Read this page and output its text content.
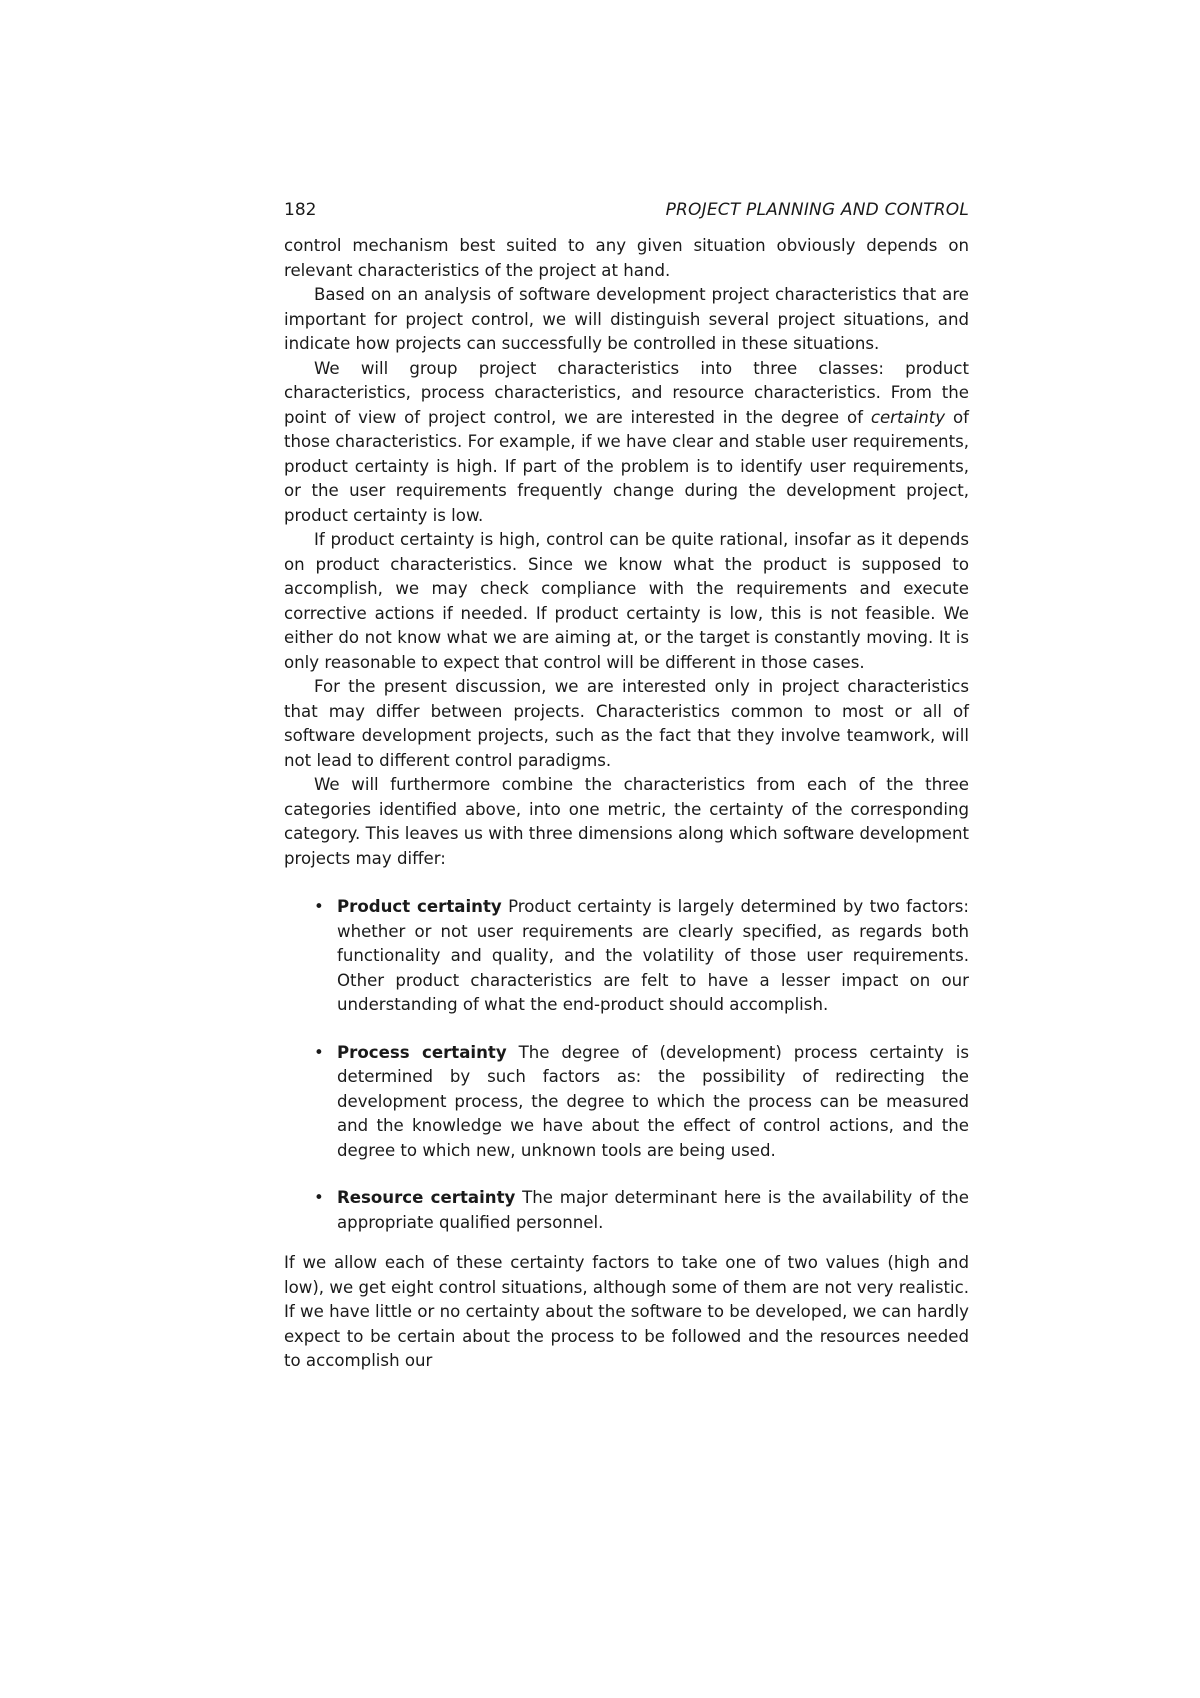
182	PROJECT PLANNING AND CONTROL

control mechanism best suited to any given situation obviously depends on relevant characteristics of the project at hand.

Based on an analysis of software development project characteristics that are important for project control, we will distinguish several project situations, and indicate how projects can successfully be controlled in these situations.

We will group project characteristics into three classes: product characteristics, process characteristics, and resource characteristics. From the point of view of project control, we are interested in the degree of certainty of those characteristics. For example, if we have clear and stable user requirements, product certainty is high. If part of the problem is to identify user requirements, or the user requirements frequently change during the development project, product certainty is low.

If product certainty is high, control can be quite rational, insofar as it depends on product characteristics. Since we know what the product is supposed to accomplish, we may check compliance with the requirements and execute corrective actions if needed. If product certainty is low, this is not feasible. We either do not know what we are aiming at, or the target is constantly moving. It is only reasonable to expect that control will be different in those cases.

For the present discussion, we are interested only in project characteristics that may differ between projects. Characteristics common to most or all of software development projects, such as the fact that they involve teamwork, will not lead to different control paradigms.

We will furthermore combine the characteristics from each of the three categories identified above, into one metric, the certainty of the corresponding category. This leaves us with three dimensions along which software development projects may differ:

• Product certainty Product certainty is largely determined by two factors: whether or not user requirements are clearly specified, as regards both functionality and quality, and the volatility of those user requirements. Other product characteristics are felt to have a lesser impact on our understanding of what the end-product should accomplish.
• Process certainty The degree of (development) process certainty is determined by such factors as: the possibility of redirecting the development process, the degree to which the process can be measured and the knowledge we have about the effect of control actions, and the degree to which new, unknown tools are being used.
• Resource certainty The major determinant here is the availability of the appropriate qualified personnel.

If we allow each of these certainty factors to take one of two values (high and low), we get eight control situations, although some of them are not very realistic. If we have little or no certainty about the software to be developed, we can hardly expect to be certain about the process to be followed and the resources needed to accomplish our
